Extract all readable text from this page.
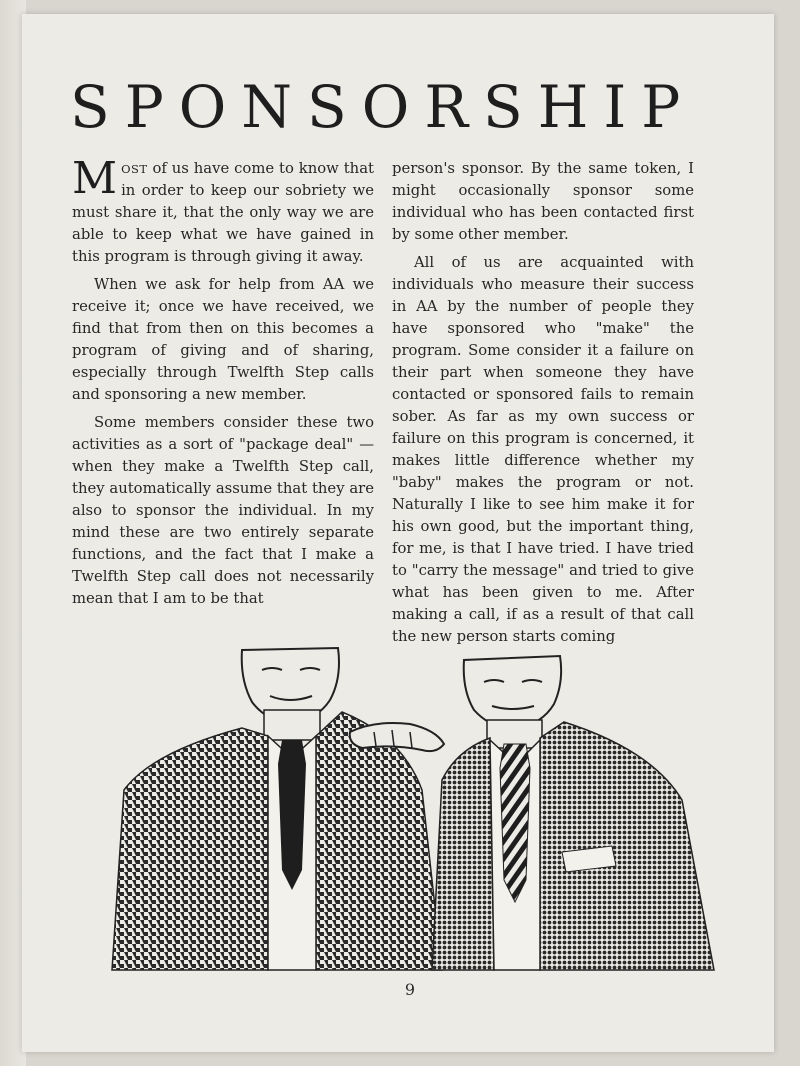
SPONSORSHIP

MOST of us have come to know that in order to keep our sobriety we must share it, that the only way we are able to keep what we have gained in this program is through giving it away.

When we ask for help from AA we receive it; once we have received, we find that from then on this becomes a program of giving and of sharing, especially through Twelfth Step calls and sponsoring a new member.

Some members consider these two activities as a sort of "package deal" —when they make a Twelfth Step call, they automatically assume that they are also to sponsor the individual. In my mind these are two entirely separate functions, and the fact that I make a Twelfth Step call does not necessarily mean that I am to be that

person's sponsor. By the same token, I might occasionally sponsor some individual who has been contacted first by some other member.

All of us are acquainted with individuals who measure their success in AA by the number of people they have sponsored who "make" the program. Some consider it a failure on their part when someone they have contacted or sponsored fails to remain sober. As far as my own success or failure on this program is concerned, it makes little difference whether my "baby" makes the program or not. Naturally I like to see him make it for his own good, but the important thing, for me, is that I have tried. I have tried to "carry the message" and tried to give what has been given to me. After making a call, if as a result of that call the new person starts coming

9
